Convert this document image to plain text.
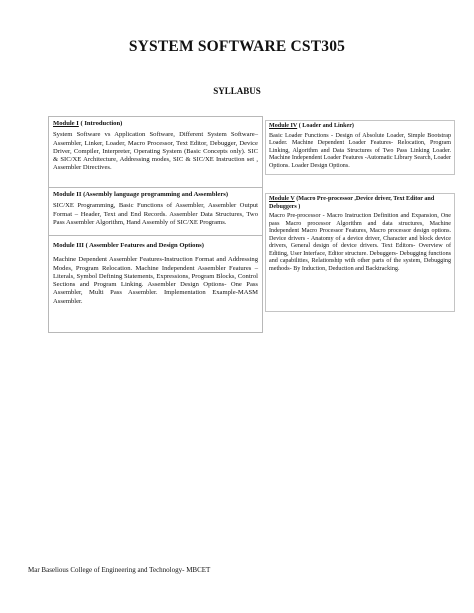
SYSTEM SOFTWARE CST305
SYLLABUS
Module I ( Introduction)
System Software vs Application Software, Different System Software– Assembler, Linker, Loader, Macro Processor, Text Editor, Debugger, Device Driver, Compiler, Interpreter, Operating System (Basic Concepts only). SIC & SIC/XE Architecture, Addressing modes, SIC & SIC/XE Instruction set , Assembler Directives.
Module II (Assembly language programming and Assemblers)
SIC/XE Programming, Basic Functions of Assembler, Assembler Output Format – Header, Text and End Records. Assembler Data Structures, Two Pass Assembler Algorithm, Hand Assembly of SIC/XE Programs.
Module III ( Assembler Features and Design Options)
Machine Dependent Assembler Features-Instruction Format and Addressing Modes, Program Relocation. Machine Independent Assembler Features –Literals, Symbol Defining Statements, Expressions, Program Blocks, Control Sections and Program Linking. Assembler Design Options- One Pass Assembler, Multi Pass Assembler. Implementation Example-MASM Assembler.
Module IV ( Loader and Linker)
Basic Loader Functions - Design of Absolute Loader, Simple Bootstrap Loader. Machine Dependent Loader Features- Relocation, Program Linking, Algorithm and Data Structures of Two Pass Linking Loader. Machine Independent Loader Features -Automatic Library Search, Loader Options. Loader Design Options.
Module V (Macro Pre-processor ,Device driver, Text Editor and Debuggers )
Macro Pre-processor - Macro Instruction Definition and Expansion, One pass Macro processor Algorithm and data structures, Machine Independent Macro Processor Features, Macro processor design options. Device drivers - Anatomy of a device driver, Character and block device drivers, General design of device drivers. Text Editors- Overview of Editing, User Interface, Editor structure. Debuggers- Debugging functions and capabilities, Relationship with other parts of the system, Debugging methods- By Induction, Deduction and Backtracking.
Mar Baselious College of Engineering and Technology- MBCET
